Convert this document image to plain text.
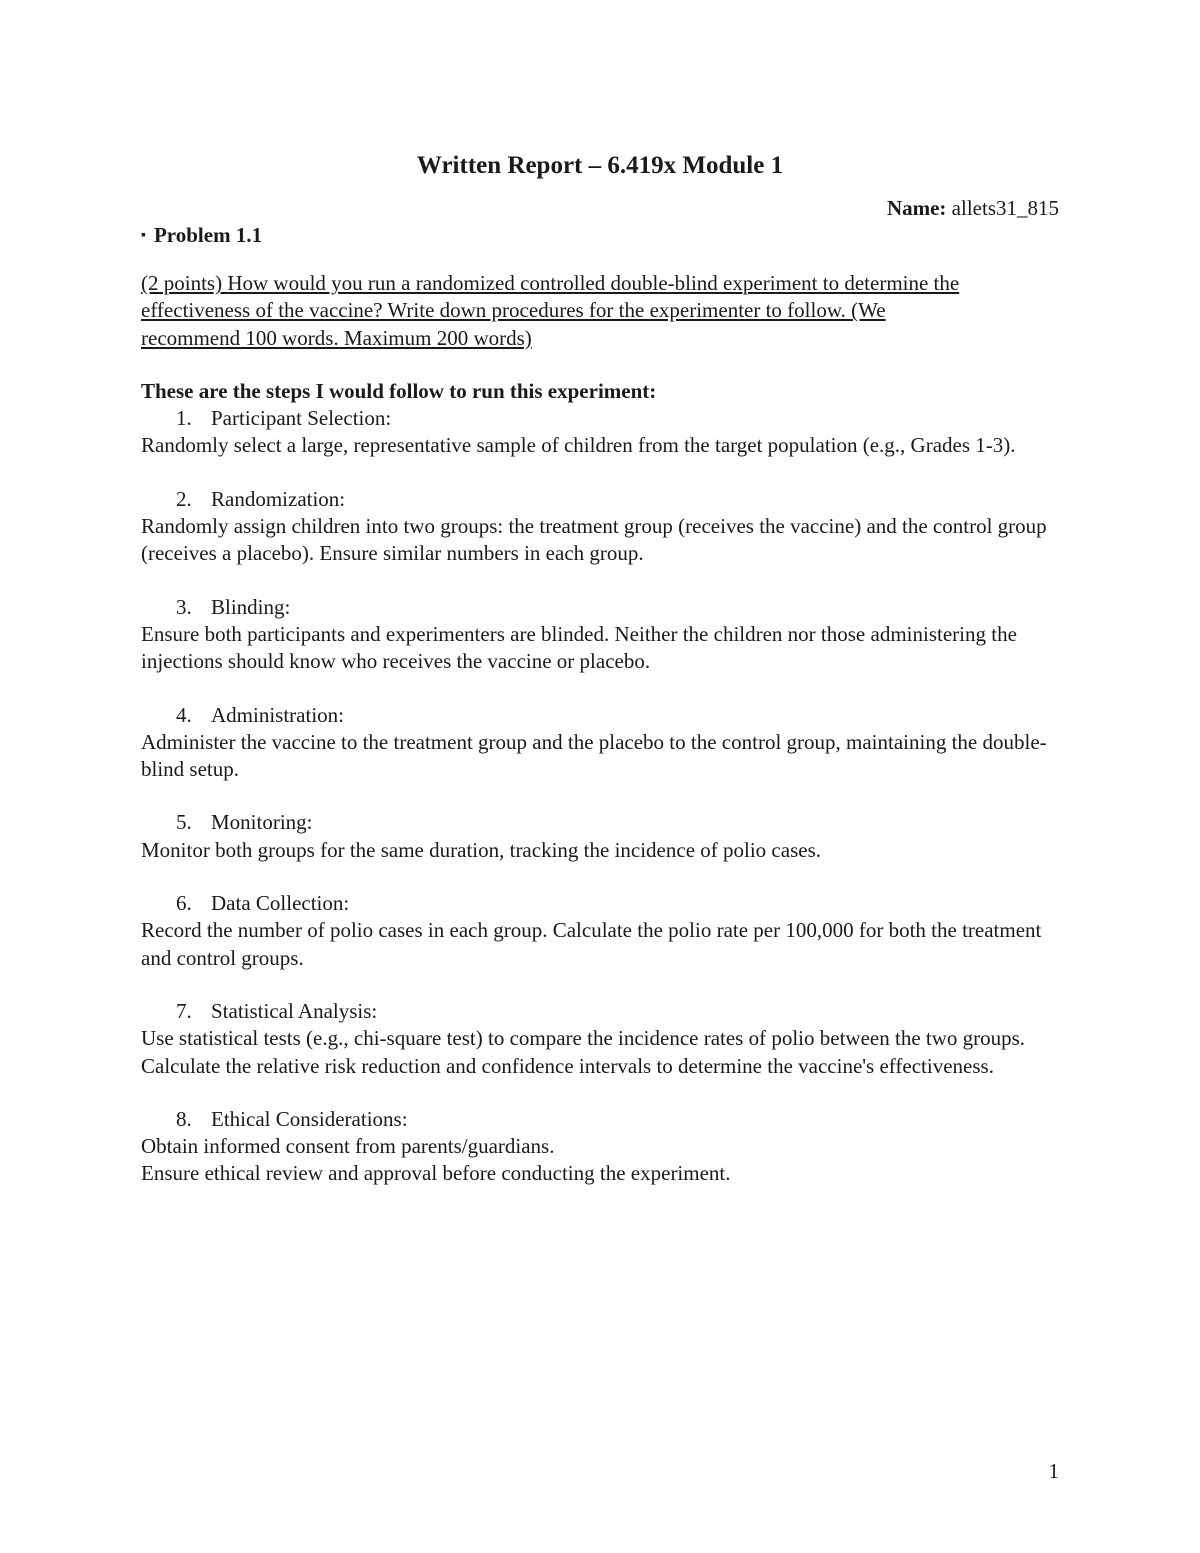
Written Report – 6.419x Module 1
Name: allets31_815
▪ Problem 1.1

(2 points) How would you run a randomized controlled double-blind experiment to determine the
effectiveness of the vaccine? Write down procedures for the experimenter to follow. (We
recommend 100 words. Maximum 200 words)

These are the steps I would follow to run this experiment:

1. Participant Selection:

Randomly select a large, representative sample of children from the target population (e.g., Grades 1-3).

2. Randomization:

Randomly assign children into two groups: the treatment group (receives the vaccine) and the control group (receives a placebo). Ensure similar numbers in each group.

3. Blinding:

Ensure both participants and experimenters are blinded. Neither the children nor those administering the injections should know who receives the vaccine or placebo.

4. Administration:

Administer the vaccine to the treatment group and the placebo to the control group, maintaining the double-blind setup.

5. Monitoring:

Monitor both groups for the same duration, tracking the incidence of polio cases.

6. Data Collection:

Record the number of polio cases in each group. Calculate the polio rate per 100,000 for both the treatment and control groups.

7. Statistical Analysis:

Use statistical tests (e.g., chi-square test) to compare the incidence rates of polio between the two groups.

Calculate the relative risk reduction and confidence intervals to determine the vaccine's effectiveness.

8. Ethical Considerations:

Obtain informed consent from parents/guardians.

Ensure ethical review and approval before conducting the experiment.

1
